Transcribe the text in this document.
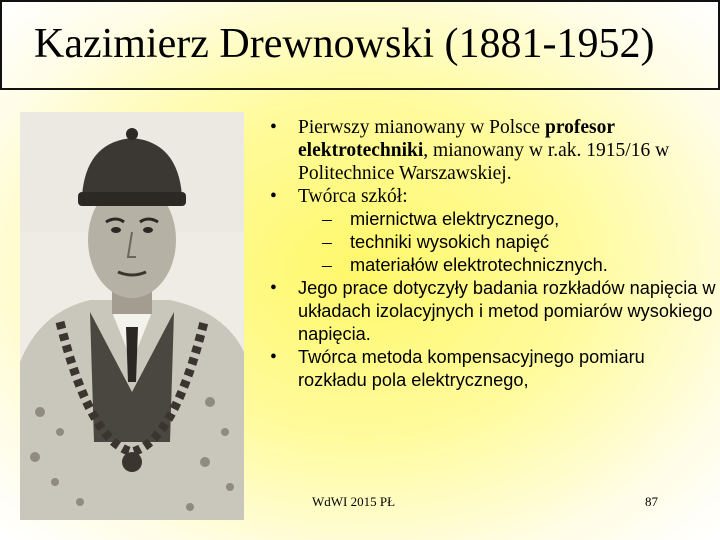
Kazimierz Drewnowski (1881-1952)
• Pierwszy mianowany w Polsce profesor elektrotechniki, mianowany w r.ak. 1915/16 w Politechnice Warszawskiej.
• Twórca szkół:
– miernictwa elektrycznego,
– techniki wysokich napięć
– materiałów elektrotechnicznych.
• Jego prace dotyczyły badania rozkładów napięcia w układach izolacyjnych i metod pomiarów wysokiego napięcia.
• Twórca metoda kompensacyjnego pomiaru rozkładu pola elektrycznego,
WdWI 2015 PŁ	87
